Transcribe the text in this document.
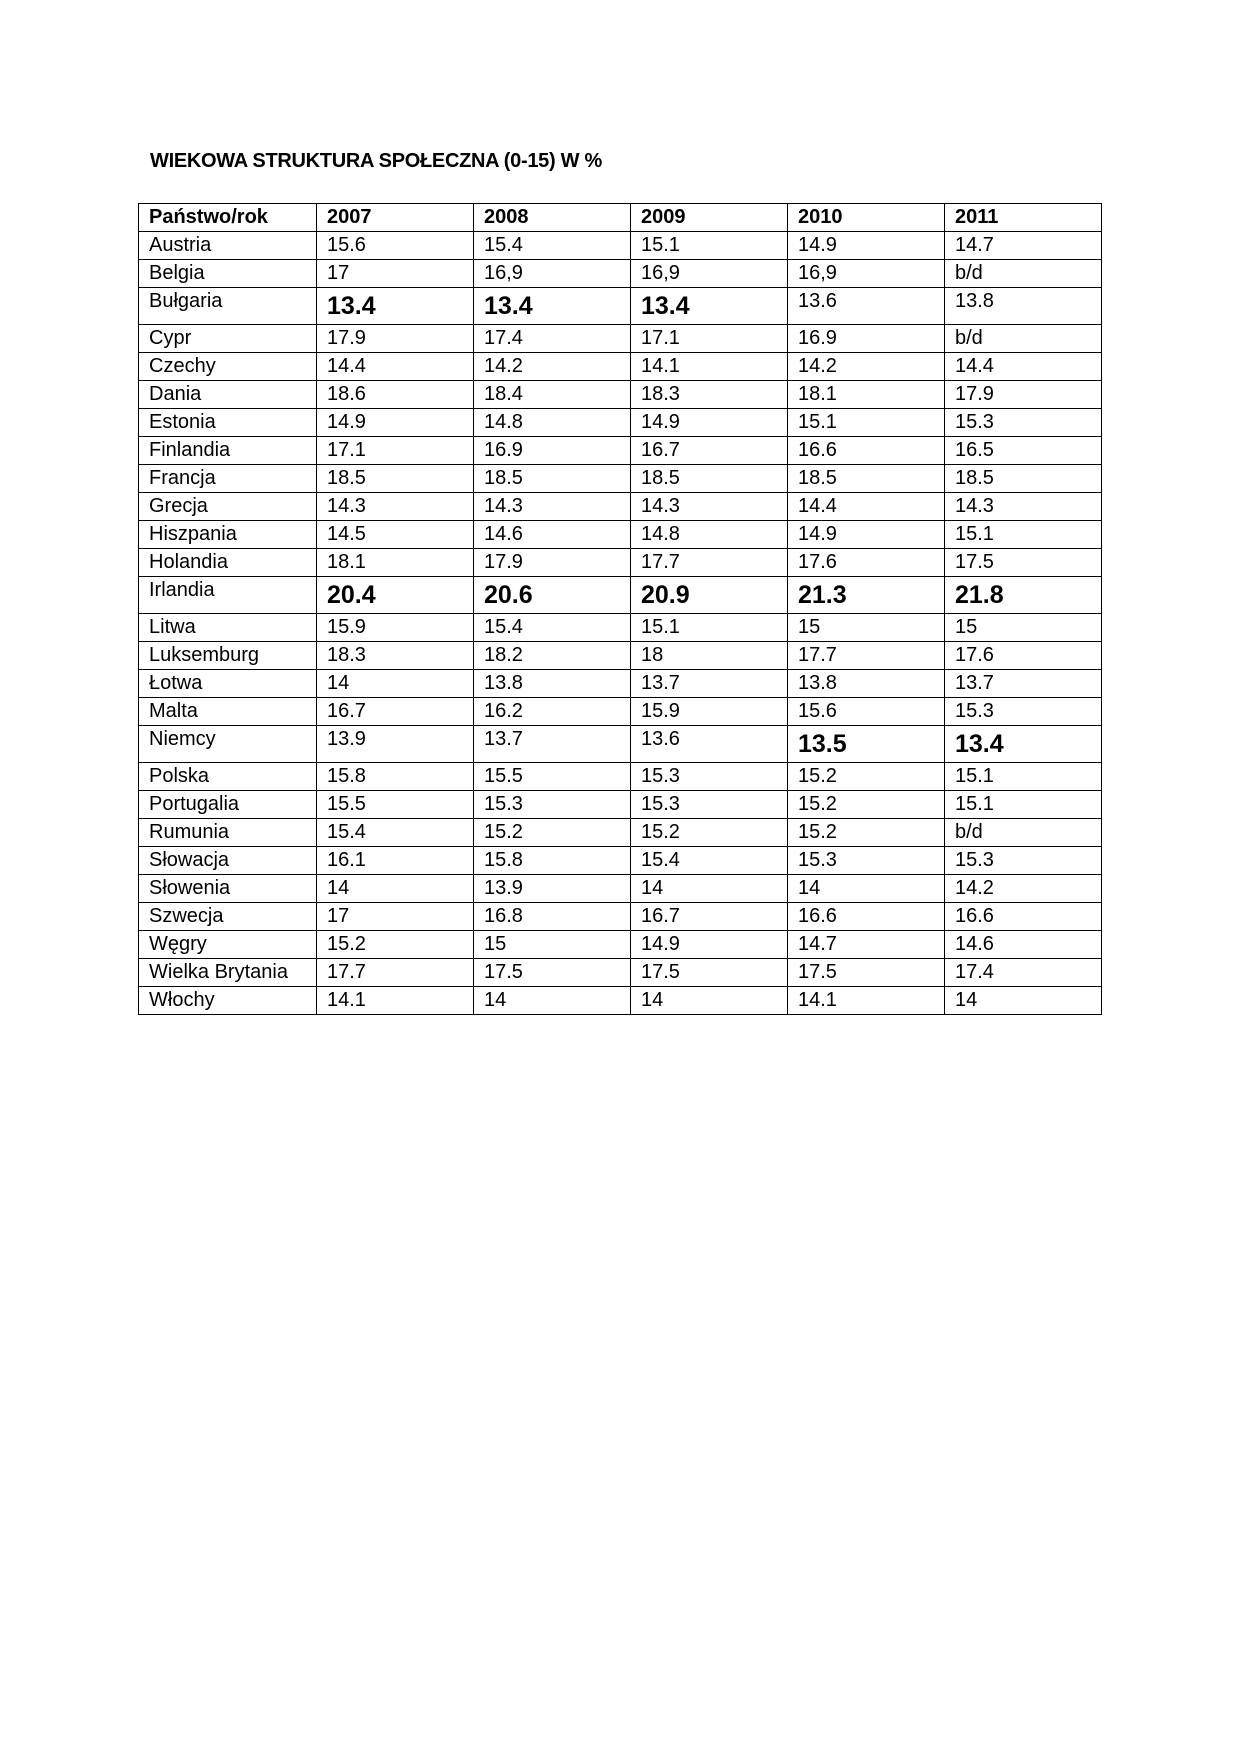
WIEKOWA STRUKTURA SPOŁECZNA (0-15) W %
Państwo/rok	2007	2008	2009	2010	2011
Austria	15.6	15.4	15.1	14.9	14.7
Belgia	17	16,9	16,9	16,9	b/d
Bułgaria	13.4	13.4	13.4	13.6	13.8
Cypr	17.9	17.4	17.1	16.9	b/d
Czechy	14.4	14.2	14.1	14.2	14.4
Dania	18.6	18.4	18.3	18.1	17.9
Estonia	14.9	14.8	14.9	15.1	15.3
Finlandia	17.1	16.9	16.7	16.6	16.5
Francja	18.5	18.5	18.5	18.5	18.5
Grecja	14.3	14.3	14.3	14.4	14.3
Hiszpania	14.5	14.6	14.8	14.9	15.1
Holandia	18.1	17.9	17.7	17.6	17.5
Irlandia	20.4	20.6	20.9	21.3	21.8
Litwa	15.9	15.4	15.1	15	15
Luksemburg	18.3	18.2	18	17.7	17.6
Łotwa	14	13.8	13.7	13.8	13.7
Malta	16.7	16.2	15.9	15.6	15.3
Niemcy	13.9	13.7	13.6	13.5	13.4
Polska	15.8	15.5	15.3	15.2	15.1
Portugalia	15.5	15.3	15.3	15.2	15.1
Rumunia	15.4	15.2	15.2	15.2	b/d
Słowacja	16.1	15.8	15.4	15.3	15.3
Słowenia	14	13.9	14	14	14.2
Szwecja	17	16.8	16.7	16.6	16.6
Węgry	15.2	15	14.9	14.7	14.6
Wielka Brytania	17.7	17.5	17.5	17.5	17.4
Włochy	14.1	14	14	14.1	14
